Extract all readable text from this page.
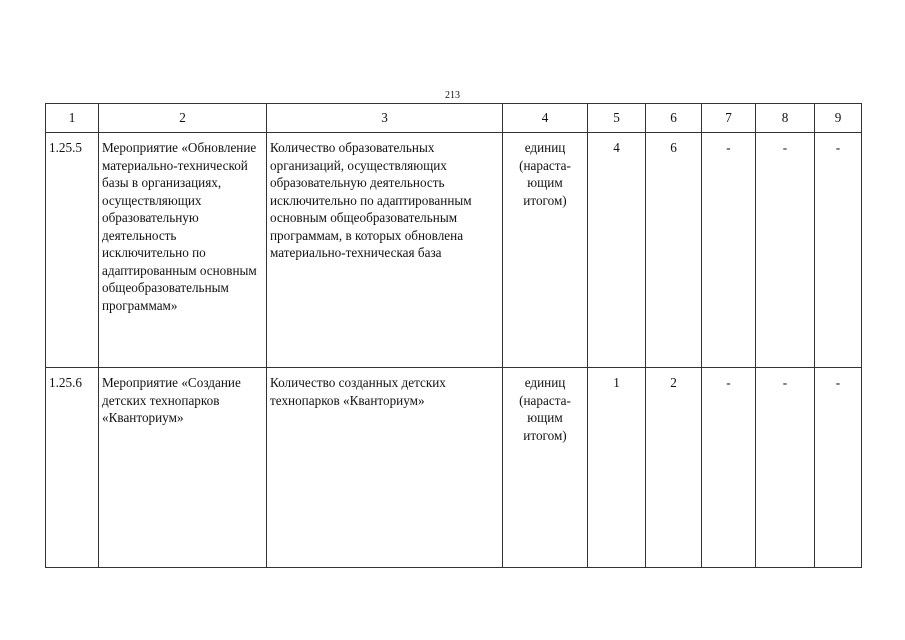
213
1	2	3	4	5	6	7	8	9
1.25.5	Мероприятие «Обновление материально-технической базы в организациях, осуществляющих образовательную деятельность исключительно по адаптированным основным общеобразовательным программам»	Количество образовательных организаций, осуществляющих образовательную деятельность исключительно по адаптированным основным общеобразовательным программам, в которых обновлена материально-техническая база	единиц (нараста-ющим итогом)	4	6	-	-	-
1.25.6	Мероприятие «Создание детских технопарков «Кванториум»	Количество созданных детских технопарков «Кванториум»	единиц (нараста-ющим итогом)	1	2	-	-	-
